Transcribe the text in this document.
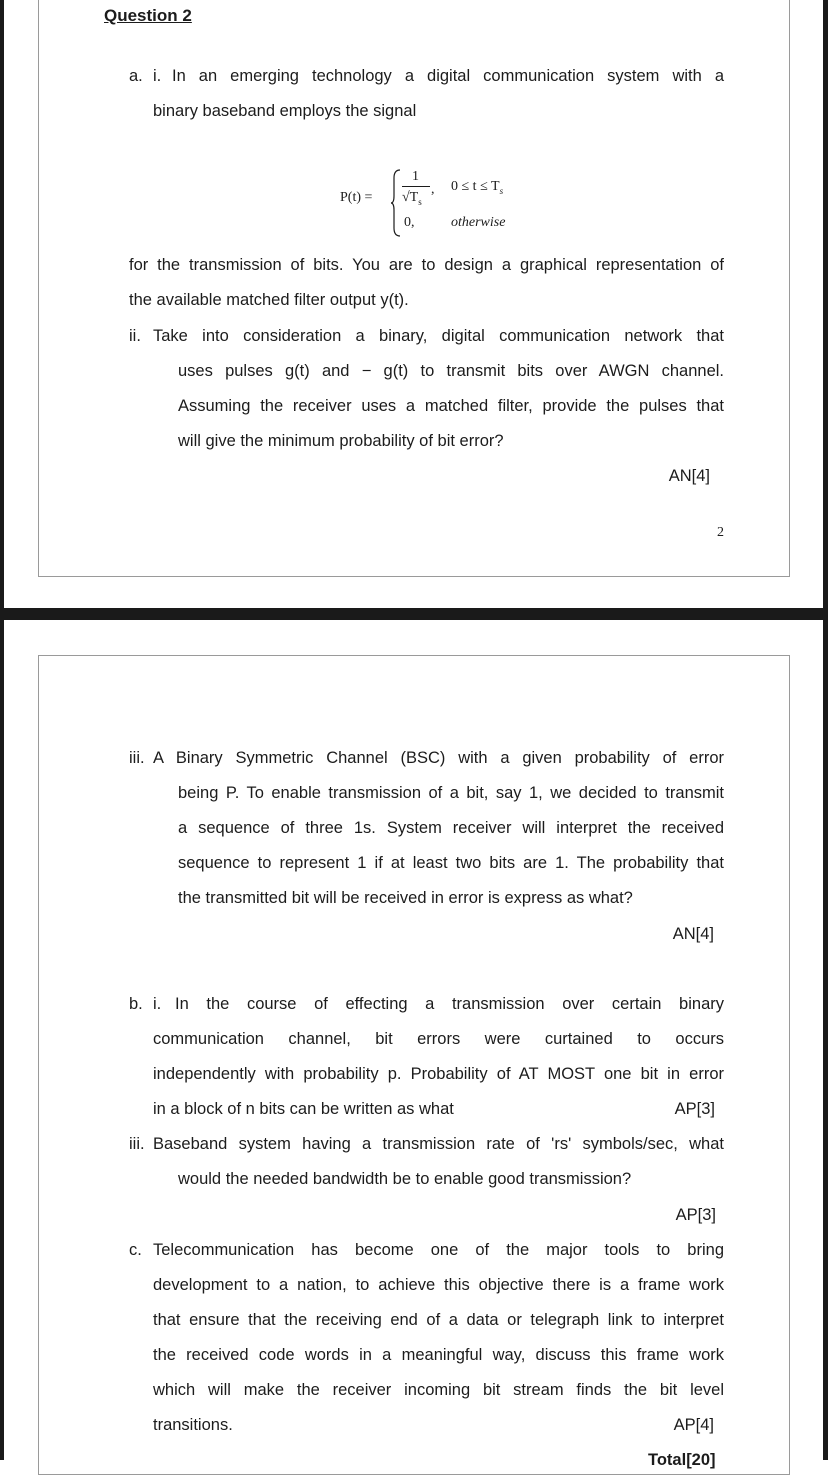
Question 2
a. i. In an emerging technology a digital communication system with a
binary baseband employs the signal
P(t) =
1
$√T_s$
, $0 \le t \le T_s$
0,	otherwise
for the transmission of bits. You are to design a graphical representation of
the available matched filter output y(t).
ii. Take into consideration a binary, digital communication network that
uses pulses g(t) and − g(t) to transmit bits over AWGN channel.
Assuming the receiver uses a matched filter, provide the pulses that
will give the minimum probability of bit error?
AN[4]
2
iii. A Binary Symmetric Channel (BSC) with a given probability of error
being P. To enable transmission of a bit, say 1, we decided to transmit
a sequence of three 1s. System receiver will interpret the received
sequence to represent 1 if at least two bits are 1. The probability that
the transmitted bit will be received in error is express as what?
AN[4]
b. i. In the course of effecting a transmission over certain binary
communication channel, bit errors were curtained to occurs
independently with probability p. Probability of AT MOST one bit in error
in a block of n bits can be written as what	AP[3]
iii. Baseband system having a transmission rate of 'rs' symbols/sec, what
would the needed bandwidth be to enable good transmission?
AP[3]
c. Telecommunication has become one of the major tools to bring
development to a nation, to achieve this objective there is a frame work
that ensure that the receiving end of a data or telegraph link to interpret
the received code words in a meaningful way, discuss this frame work
which will make the receiver incoming bit stream finds the bit level
transitions.	AP[4]
Total[20]
